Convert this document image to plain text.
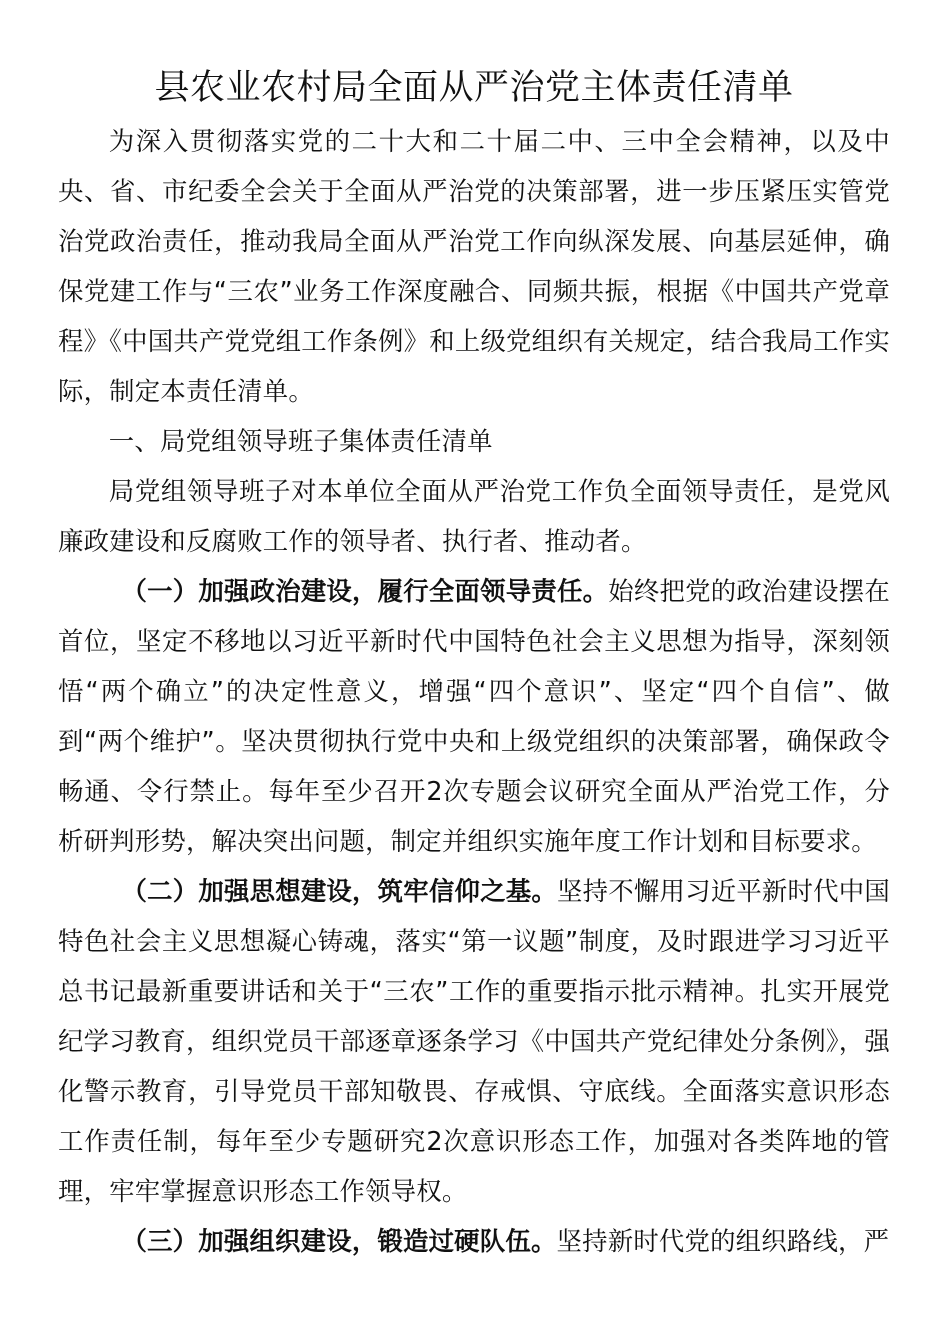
县农业农村局全面从严治党主体责任清单

为深入贯彻落实党的二十大和二十届二中、三中全会精神，以及中央、省、市纪委全会关于全面从严治党的决策部署，进一步压紧压实管党治党政治责任，推动我局全面从严治党工作向纵深发展、向基层延伸，确保党建工作与“三农”业务工作深度融合、同频共振，根据《中国共产党章程》《中国共产党党组工作条例》和上级党组织有关规定，结合我局工作实际，制定本责任清单。

一、局党组领导班子集体责任清单

局党组领导班子对本单位全面从严治党工作负全面领导责任，是党风廉政建设和反腐败工作的领导者、执行者、推动者。

（一）加强政治建设，履行全面领导责任。始终把党的政治建设摆在首位，坚定不移地以习近平新时代中国特色社会主义思想为指导，深刻领悟“两个确立”的决定性意义，增强“四个意识”、坚定“四个自信”、做到“两个维护”。坚决贯彻执行党中央和上级党组织的决策部署，确保政令畅通、令行禁止。每年至少召开2次专题会议研究全面从严治党工作，分析研判形势，解决突出问题，制定并组织实施年度工作计划和目标要求。

（二）加强思想建设，筑牢信仰之基。坚持不懈用习近平新时代中国特色社会主义思想凝心铸魂，落实“第一议题”制度，及时跟进学习习近平总书记最新重要讲话和关于“三农”工作的重要指示批示精神。扎实开展党纪学习教育，组织党员干部逐章逐条学习《中国共产党纪律处分条例》，强化警示教育，引导党员干部知敬畏、存戒惧、守底线。全面落实意识形态工作责任制，每年至少专题研究2次意识形态工作，加强对各类阵地的管理，牢牢掌握意识形态工作领导权。

（三）加强组织建设，锻造过硬队伍。坚持新时代党的组织路线，严
